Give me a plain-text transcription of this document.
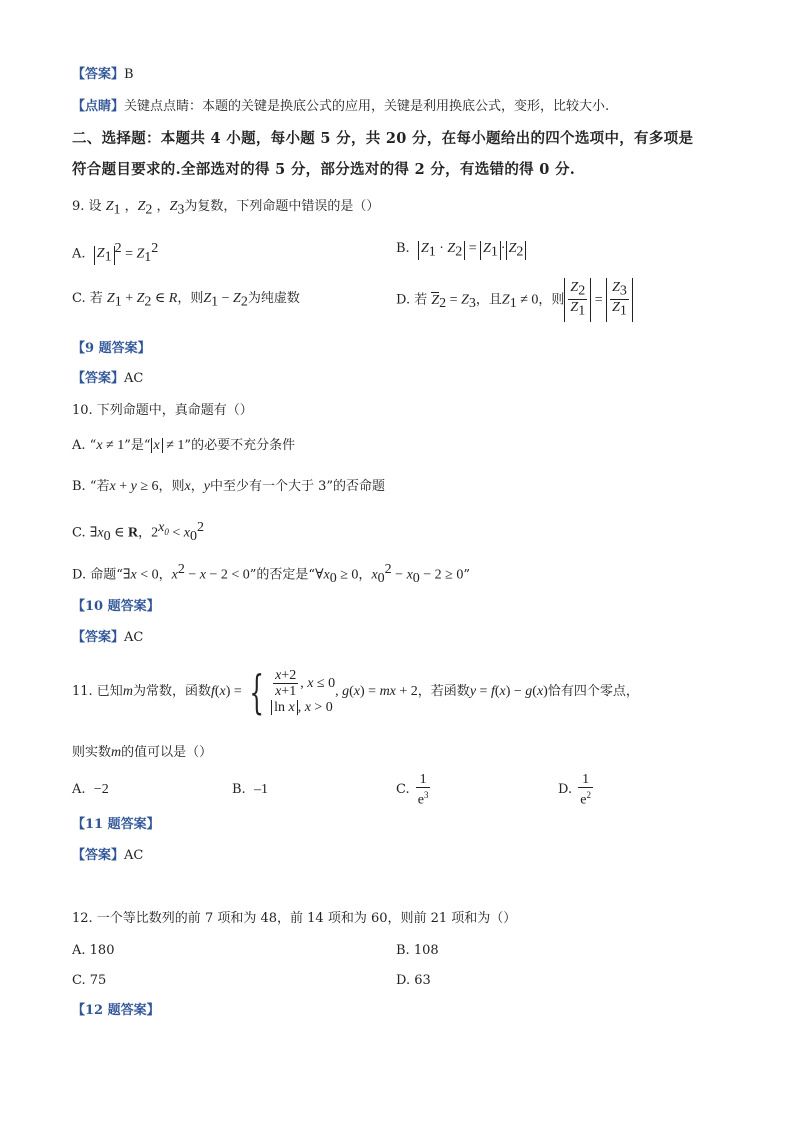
【答案】B
【点睛】关键点点睛：本题的关键是换底公式的应用，关键是利用换底公式，变形，比较大小.
二、选择题：本题共 4 小题，每小题 5 分，共 20 分，在每小题给出的四个选项中，有多项是
符合题目要求的.全部选对的得 5 分，部分选对的得 2 分，有选错的得 0 分.
9. 设 $Z_1$ ，$Z_2$ ，$Z_3$为复数，下列命题中错误的是（）
A. $Z_1^2 = Z_1^2$	B. $Z_1 \cdot Z_2 = Z_1 \cdot Z_2$
C. 若 $Z_1 + Z_2$ ∈ R，则$Z_1 - Z_2$为纯虚数	D. 若 $Z_2 = Z_3$，且$Z_1 \ne 0$，则 $\frac{Z_2}{Z_1} = \frac{Z_3}{Z_1}$
【9 题答案】
【答案】AC
10. 下列命题中，真命题有（）
A. “x ≠ 1”是“ x ≠ 1”的必要不充分条件
B. “若x + y ≥ 6，则x，y中至少有一个大于 3”的否命题
C. $\exists x_0$ ∈ R，$2^{x_0} < x_0^2$
D. 命题“∃x < 0，$x^2 - x - 2 < 0$”的否定是“$\forall x_0 \ge 0$，$x_0^2 - x_0 - 2 \ge 0$”
【10 题答案】
【答案】AC
11. 已知m为常数，函数f(x) = { $\frac{x+2}{x+1}$ , x ≤ 0
ln x , x > 0
, g(x) = mx + 2，若函数y = f(x) − g(x)恰有四个零点，
则实数m的值可以是（）
A. −2	B. –1	C. $\frac{1}{e^3}$	D. $\frac{1}{e^2}$
【11 题答案】
【答案】AC
12. 一个等比数列的前 7 项和为 48，前 14 项和为 60，则前 21 项和为（）
A. 180	B. 108
C. 75	D. 63
【12 题答案】
